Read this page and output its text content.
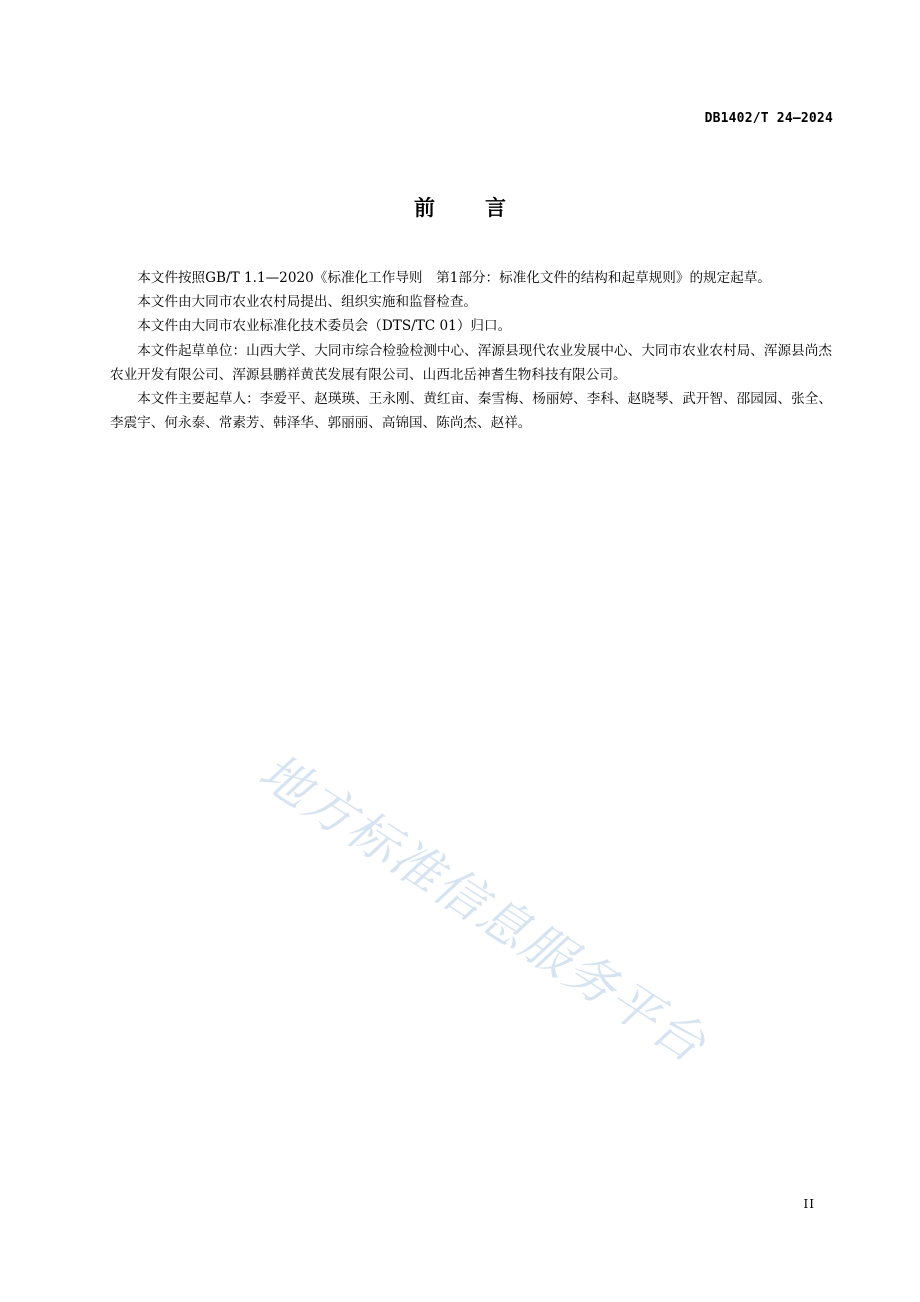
DB1402/T 24—2024
前言

本文件按照GB/T 1.1—2020《标准化工作导则　第1部分：标准化文件的结构和起草规则》的规定起草。

本文件由大同市农业农村局提出、组织实施和监督检查。

本文件由大同市农业标准化技术委员会（DTS/TC 01）归口。

本文件起草单位：山西大学、大同市综合检验检测中心、浑源县现代农业发展中心、大同市农业农村局、浑源县尚杰农业开发有限公司、浑源县鹏祥黄芪发展有限公司、山西北岳神耆生物科技有限公司。

本文件主要起草人：李爱平、赵瑛瑛、王永刚、黄红亩、秦雪梅、杨丽婷、李科、赵晓琴、武开智、邵园园、张全、李震宇、何永泰、常素芳、韩泽华、郭丽丽、高锦国、陈尚杰、赵祥。

地方标准信息服务平台
II
